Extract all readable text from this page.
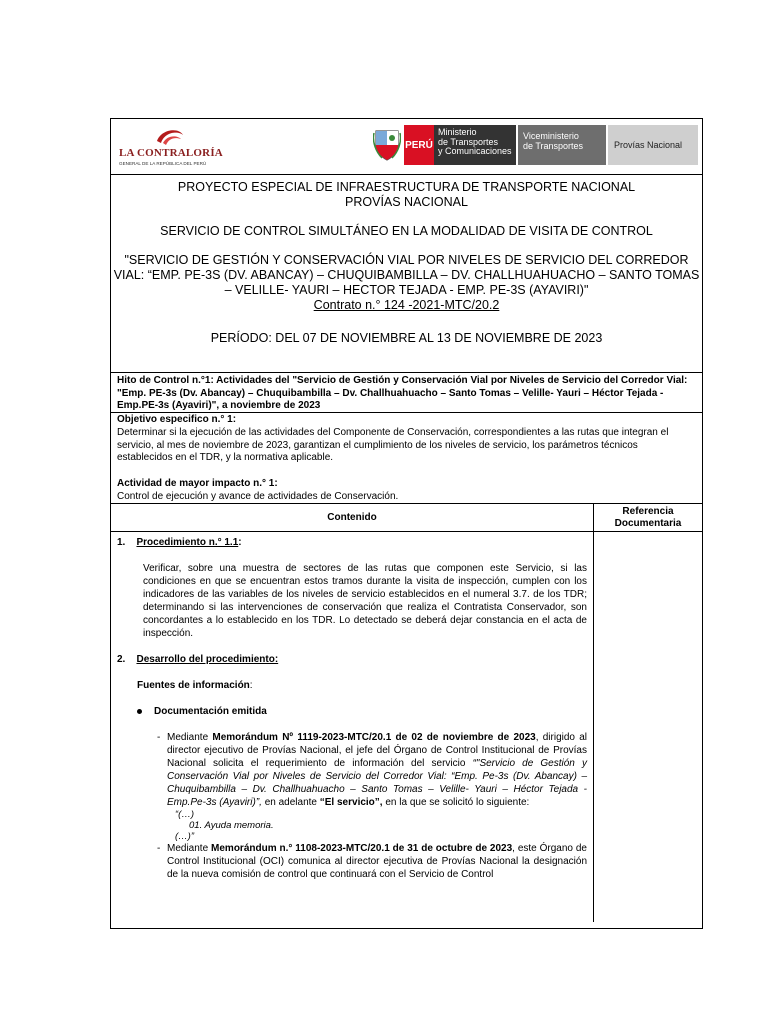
LA CONTRALORÍA
GENERAL DE LA REPÚBLICA DEL PERÚ
PERÚ
Ministerio
de Transportes
y Comunicaciones
Viceministerio
de Transportes	Provías Nacional

PROYECTO ESPECIAL DE INFRAESTRUCTURA DE TRANSPORTE NACIONAL

PROVÍAS NACIONAL

SERVICIO DE CONTROL SIMULTÁNEO EN LA MODALIDAD DE VISITA DE CONTROL

"SERVICIO DE GESTIÓN Y CONSERVACIÓN VIAL POR NIVELES DE SERVICIO DEL CORREDOR VIAL: “EMP. PE-3S (DV. ABANCAY) – CHUQUIBAMBILLA – DV. CHALLHUAHUACHO – SANTO TOMAS – VELILLE- YAURI – HECTOR TEJADA - EMP. PE-3S (AYAVIRI)"

Contrato n.° 124 -2021-MTC/20.2

PERÍODO: DEL 07 DE NOVIEMBRE AL 13 DE NOVIEMBRE DE 2023

Hito de Control n.°1: Actividades del "Servicio de Gestión y Conservación Vial por Niveles de Servicio del Corredor Vial: "Emp. PE-3s (Dv. Abancay) – Chuquibambilla – Dv. Challhuahuacho – Santo Tomas – Velille- Yauri – Héctor Tejada - Emp.PE-3s (Ayaviri)", a noviembre de 2023

Objetivo especifico n.° 1:

Determinar si la ejecución de las actividades del Componente de Conservación, correspondientes a las rutas que integran el servicio, al mes de noviembre de 2023, garantizan el cumplimiento de los niveles de servicio, los parámetros técnicos establecidos en el TDR, y la normativa aplicable.

Actividad de mayor impacto n.° 1:

Control de ejecución y avance de actividades de Conservación.

Contenido
Referencia Documentaria

1. Procedimiento n.° 1.1:

Verificar, sobre una muestra de sectores de las rutas que componen este Servicio, si las condiciones en que se encuentran estos tramos durante la visita de inspección, cumplen con los indicadores de las variables de los niveles de servicio establecidos en el numeral 3.7. de los TDR; determinando si las intervenciones de conservación que realiza el Contratista Conservador, son concordantes a lo establecido en los TDR. Lo detectado se deberá dejar constancia en el acta de inspección.

2. Desarrollo del procedimiento:

Fuentes de información:

Documentación emitida

- Mediante Memorándum Nº 1119-2023-MTC/20.1 de 02 de noviembre de 2023, dirigido al director ejecutivo de Provías Nacional, el jefe del Órgano de Control Institucional de Provías Nacional solicita el requerimiento de información del servicio “"Servicio de Gestión y Conservación Vial por Niveles de Servicio del Corredor Vial: “Emp. Pe-3s (Dv. Abancay) – Chuquibambilla – Dv. Challhuahuacho – Santo Tomas – Velille- Yauri – Héctor Tejada - Emp.Pe-3s (Ayaviri)”, en adelante “El servicio”, en la que se solicitó lo siguiente:
“(…)
01. Ayuda memoria.
(…)”
- Mediante Memorándum n.° 1108-2023-MTC/20.1 de 31 de octubre de 2023, este Órgano de Control Institucional (OCI) comunica al director ejecutiva de Provías Nacional la designación de la nueva comisión de control que continuará con el Servicio de Control
